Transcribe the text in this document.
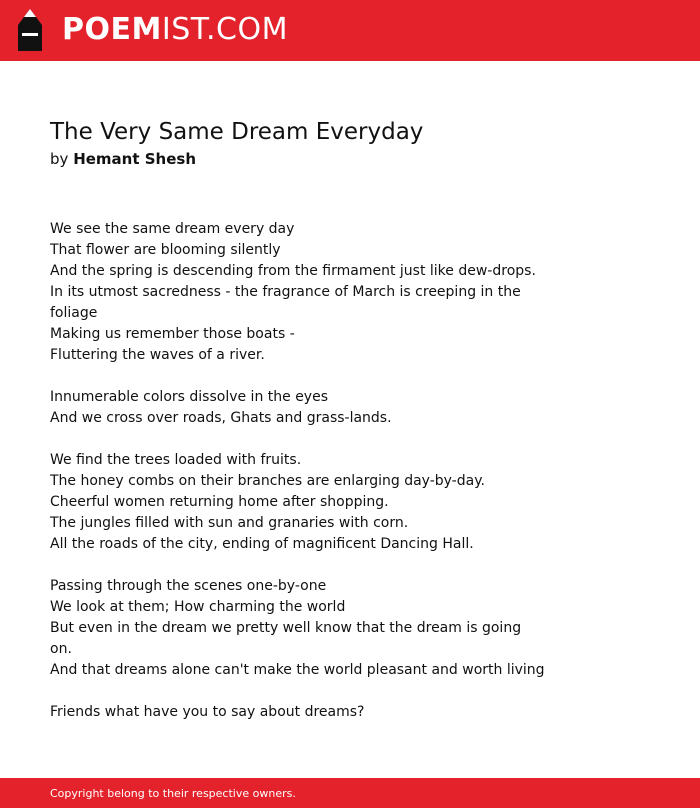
POEMIST.COM
The Very Same Dream Everyday
by Hemant Shesh
We see the same dream every day
That flower are blooming silently
And the spring is descending from the firmament just like dew-drops.
In its utmost sacredness - the fragrance of March is creeping in the foliage
Making us remember those boats -
Fluttering the waves of a river.
Innumerable colors dissolve in the eyes
And we cross over roads, Ghats and grass-lands.
We find the trees loaded with fruits.
The honey combs on their branches are enlarging day-by-day.
Cheerful women returning home after shopping.
The jungles filled with sun and granaries with corn.
All the roads of the city, ending of magnificent Dancing Hall.
Passing through the scenes one-by-one
We look at them; How charming the world
But even in the dream we pretty well know that the dream is going on.
And that dreams alone can't make the world pleasant and worth living
Friends what have you to say about dreams?
Copyright belong to their respective owners.
